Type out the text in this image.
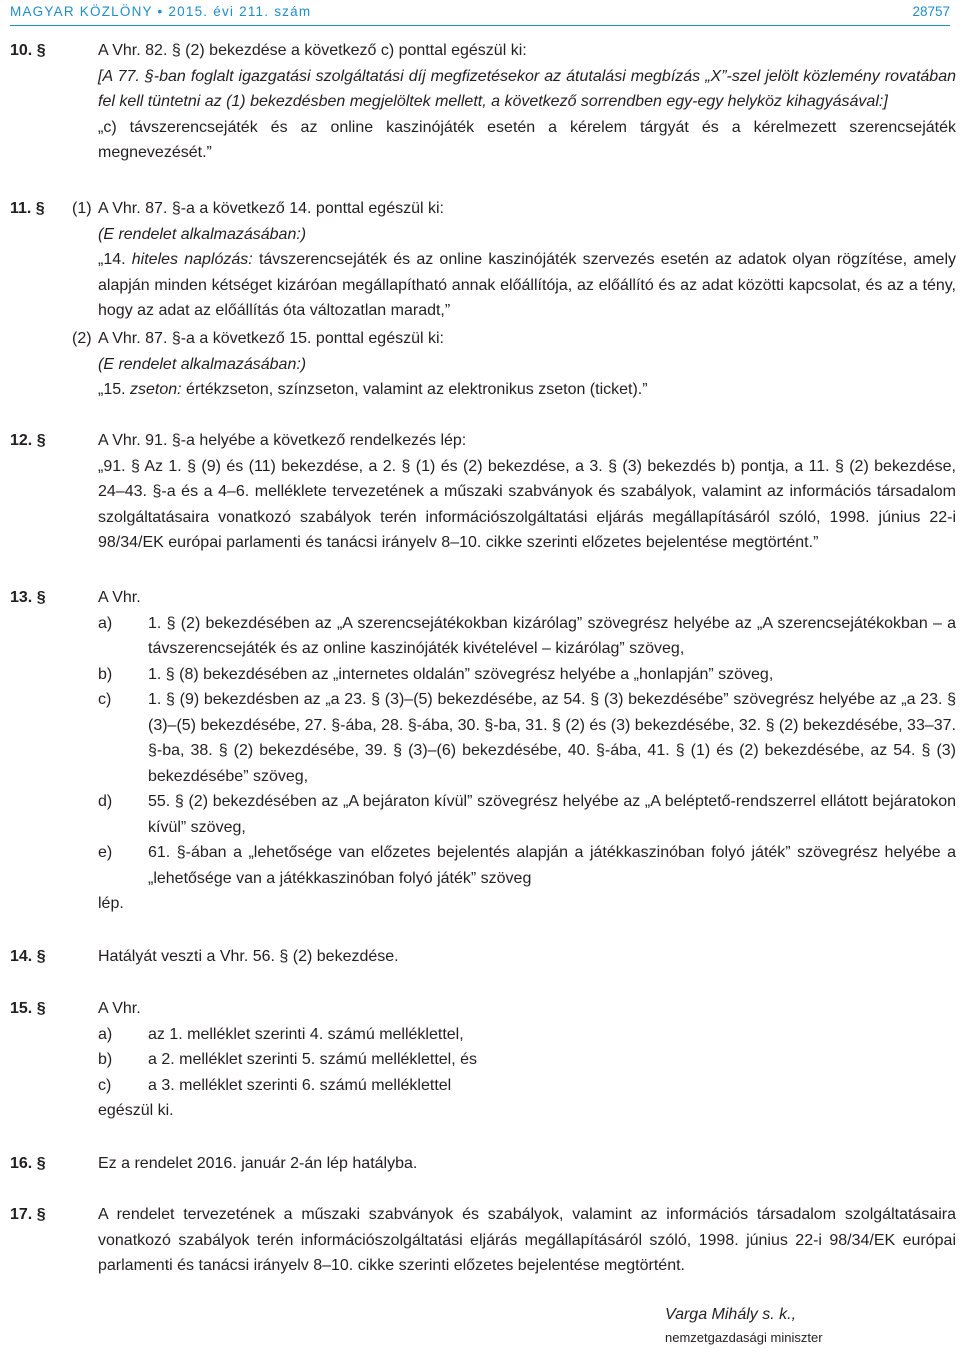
MAGYAR KÖZLÖNY • 2015. évi 211. szám	28757
10. §	A Vhr. 82. § (2) bekezdése a következő c) ponttal egészül ki:
[A 77. §-ban foglalt igazgatási szolgáltatási díj megfizetésekor az átutalási megbízás „X”-szel jelölt közlemény rovatában fel kell tüntetni az (1) bekezdésben megjelöltek mellett, a következő sorrendben egy-egy helyköz kihagyásával:]
„c) távszerencsejáték és az online kaszinójáték esetén a kérelem tárgyát és a kérelmezett szerencsejáték megnevezését.”
11. § (1) A Vhr. 87. §-a a következő 14. ponttal egészül ki:
(E rendelet alkalmazásában:)
„14. hiteles naplózás: távszerencsejáték és az online kaszinójáték szervezés esetén az adatok olyan rögzítése, amely alapján minden kétséget kizáróan megállapítható annak előállítója, az előállító és az adat közötti kapcsolat, és az a tény, hogy az adat az előállítás óta változatlan maradt,”
(2) A Vhr. 87. §-a a következő 15. ponttal egészül ki:
(E rendelet alkalmazásában:)
„15. zseton: értékzseton, színzseton, valamint az elektronikus zseton (ticket).”
12. §	A Vhr. 91. §-a helyébe a következő rendelkezés lép:
„91. § Az 1. § (9) és (11) bekezdése, a 2. § (1) és (2) bekezdése, a 3. § (3) bekezdés b) pontja, a 11. § (2) bekezdése, 24–43. §-a és a 4–6. melléklete tervezetének a műszaki szabványok és szabályok, valamint az információs társadalom szolgáltatásaira vonatkozó szabályok terén információszolgáltatási eljárás megállapításáról szóló, 1998. június 22-i 98/34/EK európai parlamenti és tanácsi irányelv 8–10. cikke szerinti előzetes bejelentése megtörtént.”
13. §	A Vhr.
a)	1. § (2) bekezdésében az „A szerencsejátékokban kizárólag” szövegrész helyébe az „A szerencsejátékokban – a távszerencsejáték és az online kaszinójáték kivételével – kizárólag” szöveg,
b)	1. § (8) bekezdésében az „internetes oldalán” szövegrész helyébe a „honlapján” szöveg,
c)	1. § (9) bekezdésben az „a 23. § (3)–(5) bekezdésébe, az 54. § (3) bekezdésébe” szövegrész helyébe az „a 23. § (3)–(5) bekezdésébe, 27. §-ába, 28. §-ába, 30. §-ba, 31. § (2) és (3) bekezdésébe, 32. § (2) bekezdésébe, 33–37. §-ba, 38. § (2) bekezdésébe, 39. § (3)–(6) bekezdésébe, 40. §-ába, 41. § (1) és (2) bekezdésébe, az 54. § (3) bekezdésébe” szöveg,
d)	55. § (2) bekezdésében az „A bejáraton kívül” szövegrész helyébe az „A beléptető-rendszerrel ellátott bejáratokon kívül” szöveg,
e)	61. §-ában a „lehetősége van előzetes bejelentés alapján a játékkaszinóban folyó játék” szövegrész helyébe a „lehetősége van a játékkaszinóban folyó játék” szöveg
lép.
14. §	Hatályát veszti a Vhr. 56. § (2) bekezdése.
15. §	A Vhr.
a)	az 1. melléklet szerinti 4. számú melléklettel,
b)	a 2. melléklet szerinti 5. számú melléklettel, és
c)	a 3. melléklet szerinti 6. számú melléklettel
egészül ki.
16. §	Ez a rendelet 2016. január 2-án lép hatályba.
17. §	A rendelet tervezetének a műszaki szabványok és szabályok, valamint az információs társadalom szolgáltatásaira vonatkozó szabályok terén információszolgáltatási eljárás megállapításáról szóló, 1998. június 22-i 98/34/EK európai parlamenti és tanácsi irányelv 8–10. cikke szerinti előzetes bejelentése megtörtént.
Varga Mihály s. k.,
nemzetgazdasági miniszter
